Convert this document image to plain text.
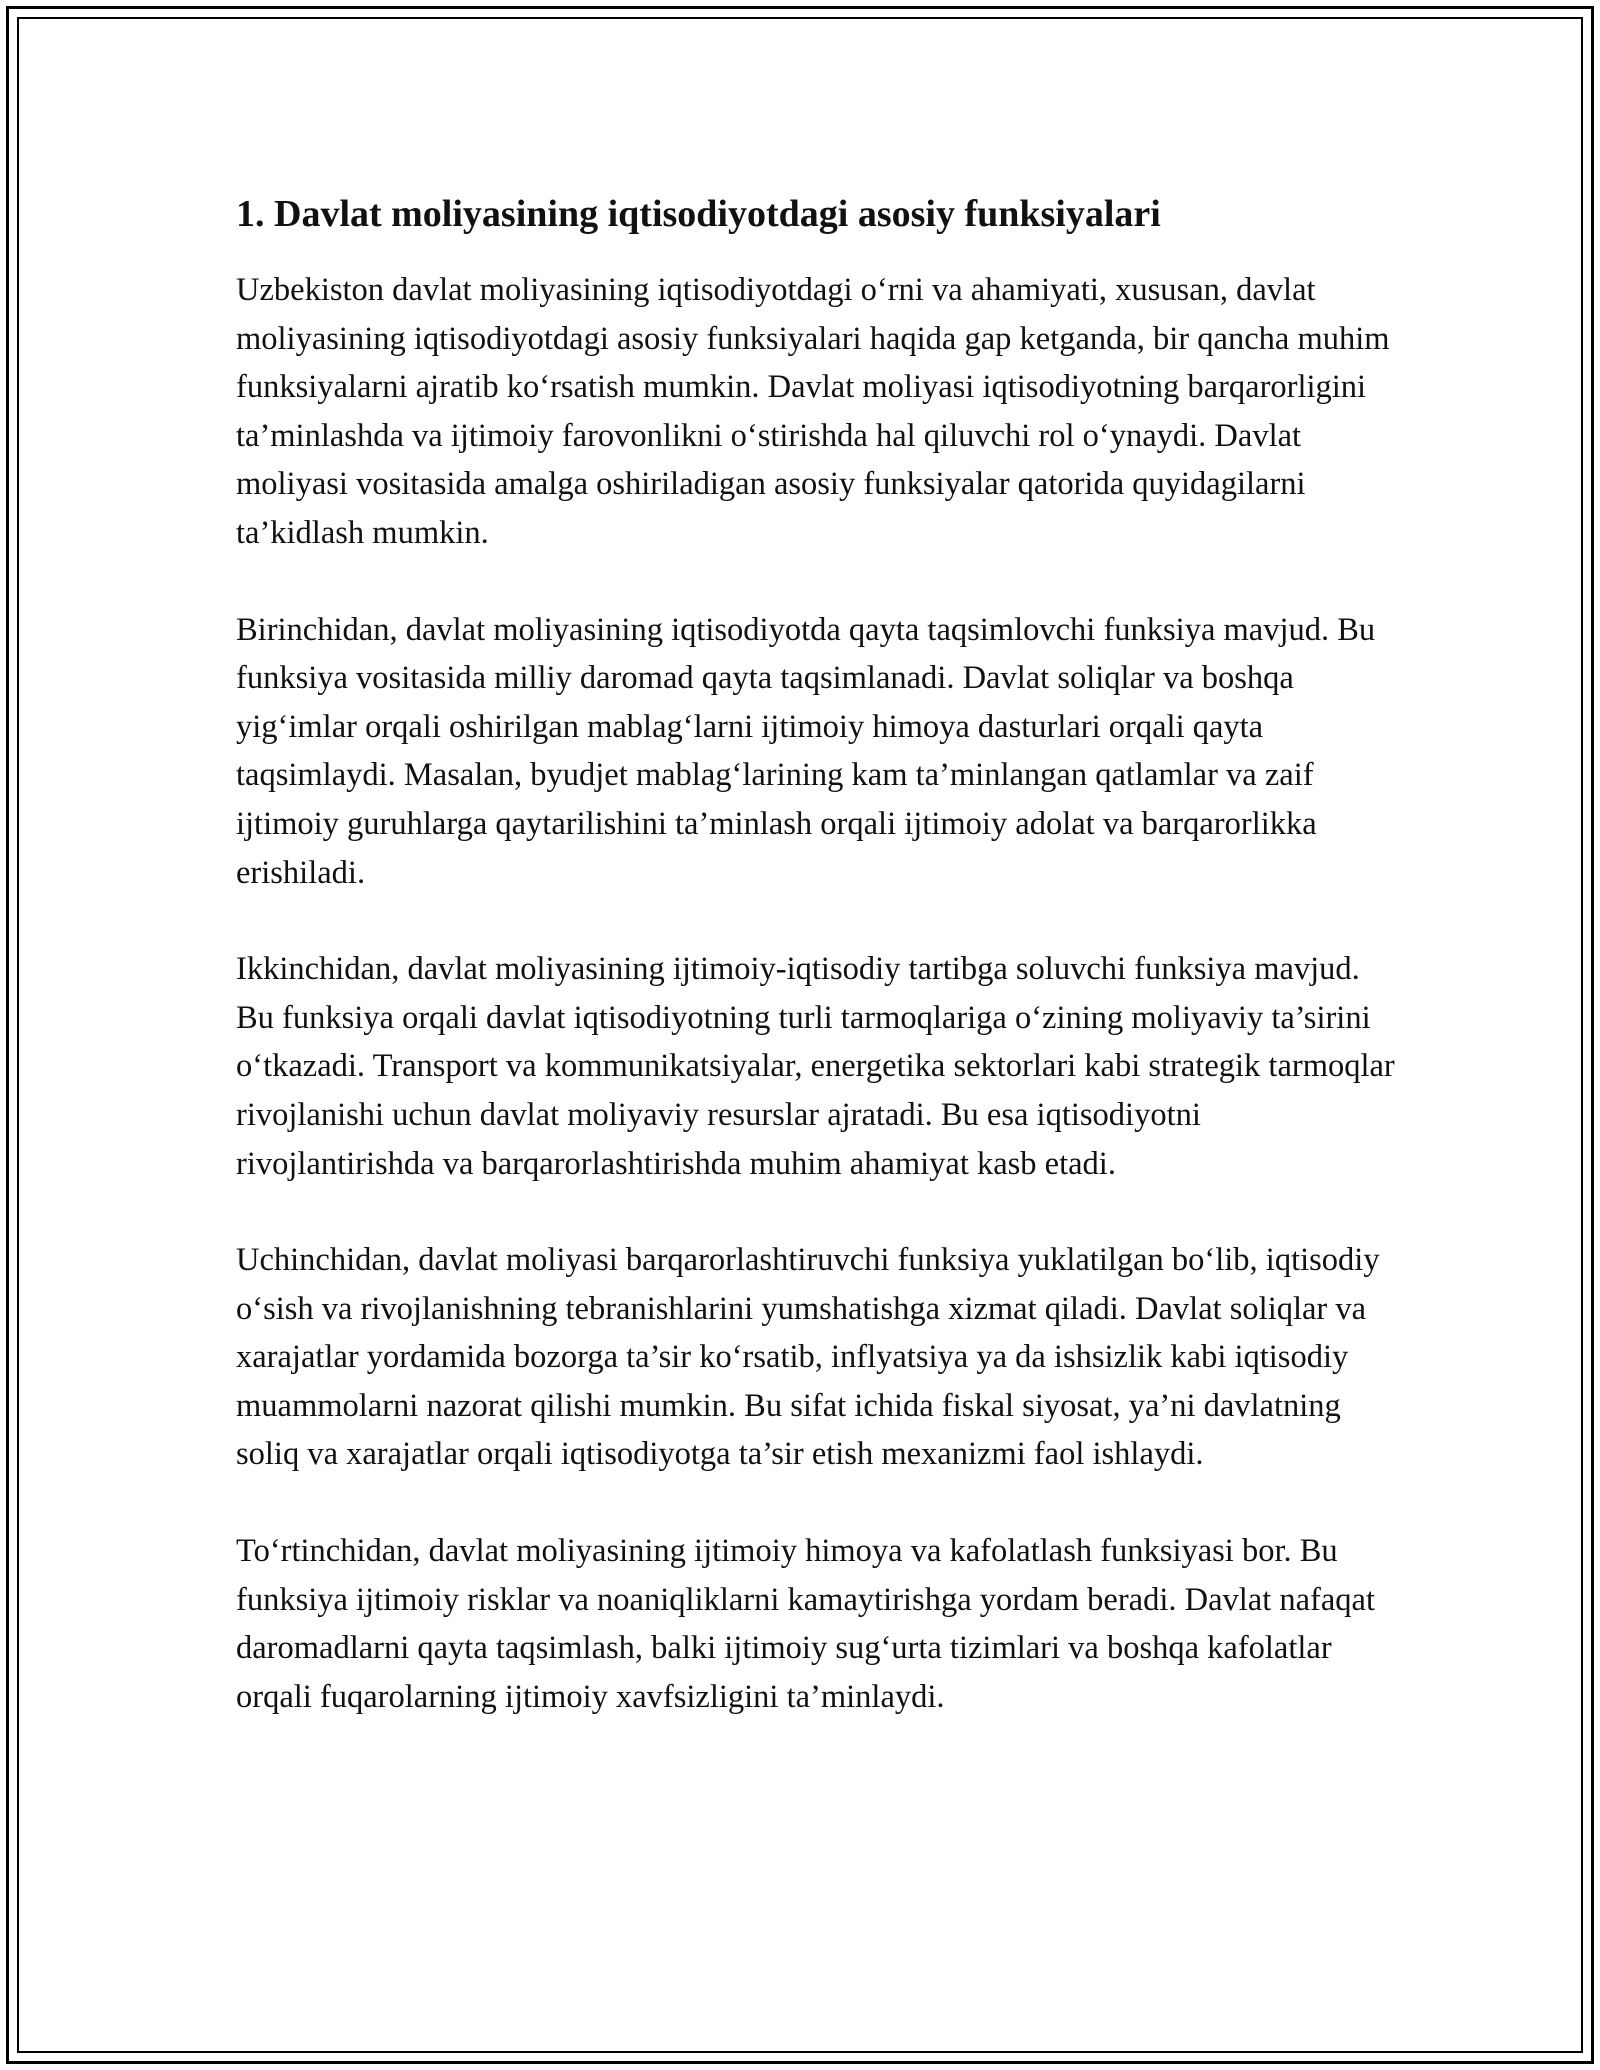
1. Davlat moliyasining iqtisodiyotdagi asosiy funksiyalari

Uzbekiston davlat moliyasining iqtisodiyotdagi o‘rni va ahamiyati, xususan, davlat moliyasining iqtisodiyotdagi asosiy funksiyalari haqida gap ketganda, bir qancha muhim funksiyalarni ajratib ko‘rsatish mumkin. Davlat moliyasi iqtisodiyotning barqarorligini ta’minlashda va ijtimoiy farovonlikni o‘stirishda hal qiluvchi rol o‘ynaydi. Davlat moliyasi vositasida amalga oshiriladigan asosiy funksiyalar qatorida quyidagilarni ta’kidlash mumkin.

Birinchidan, davlat moliyasining iqtisodiyotda qayta taqsimlovchi funksiya mavjud. Bu funksiya vositasida milliy daromad qayta taqsimlanadi. Davlat soliqlar va boshqa yig‘imlar orqali oshirilgan mablag‘larni ijtimoiy himoya dasturlari orqali qayta taqsimlaydi. Masalan, byudjet mablag‘larining kam ta’minlangan qatlamlar va zaif ijtimoiy guruhlarga qaytarilishini ta’minlash orqali ijtimoiy adolat va barqarorlikka erishiladi.

Ikkinchidan, davlat moliyasining ijtimoiy-iqtisodiy tartibga soluvchi funksiya mavjud. Bu funksiya orqali davlat iqtisodiyotning turli tarmoqlariga o‘zining moliyaviy ta’sirini o‘tkazadi. Transport va kommunikatsiyalar, energetika sektorlari kabi strategik tarmoqlar rivojlanishi uchun davlat moliyaviy resurslar ajratadi. Bu esa iqtisodiyotni rivojlantirishda va barqarorlashtirishda muhim ahamiyat kasb etadi.

Uchinchidan, davlat moliyasi barqarorlashtiruvchi funksiya yuklatilgan bo‘lib, iqtisodiy o‘sish va rivojlanishning tebranishlarini yumshatishga xizmat qiladi. Davlat soliqlar va xarajatlar yordamida bozorga ta’sir ko‘rsatib, inflyatsiya ya da ishsizlik kabi iqtisodiy muammolarni nazorat qilishi mumkin. Bu sifat ichida fiskal siyosat, ya’ni davlatning soliq va xarajatlar orqali iqtisodiyotga ta’sir etish mexanizmi faol ishlaydi.

To‘rtinchidan, davlat moliyasining ijtimoiy himoya va kafolatlash funksiyasi bor. Bu funksiya ijtimoiy risklar va noaniqliklarni kamaytirishga yordam beradi. Davlat nafaqat daromadlarni qayta taqsimlash, balki ijtimoiy sug‘urta tizimlari va boshqa kafolatlar orqali fuqarolarning ijtimoiy xavfsizligini ta’minlaydi.
